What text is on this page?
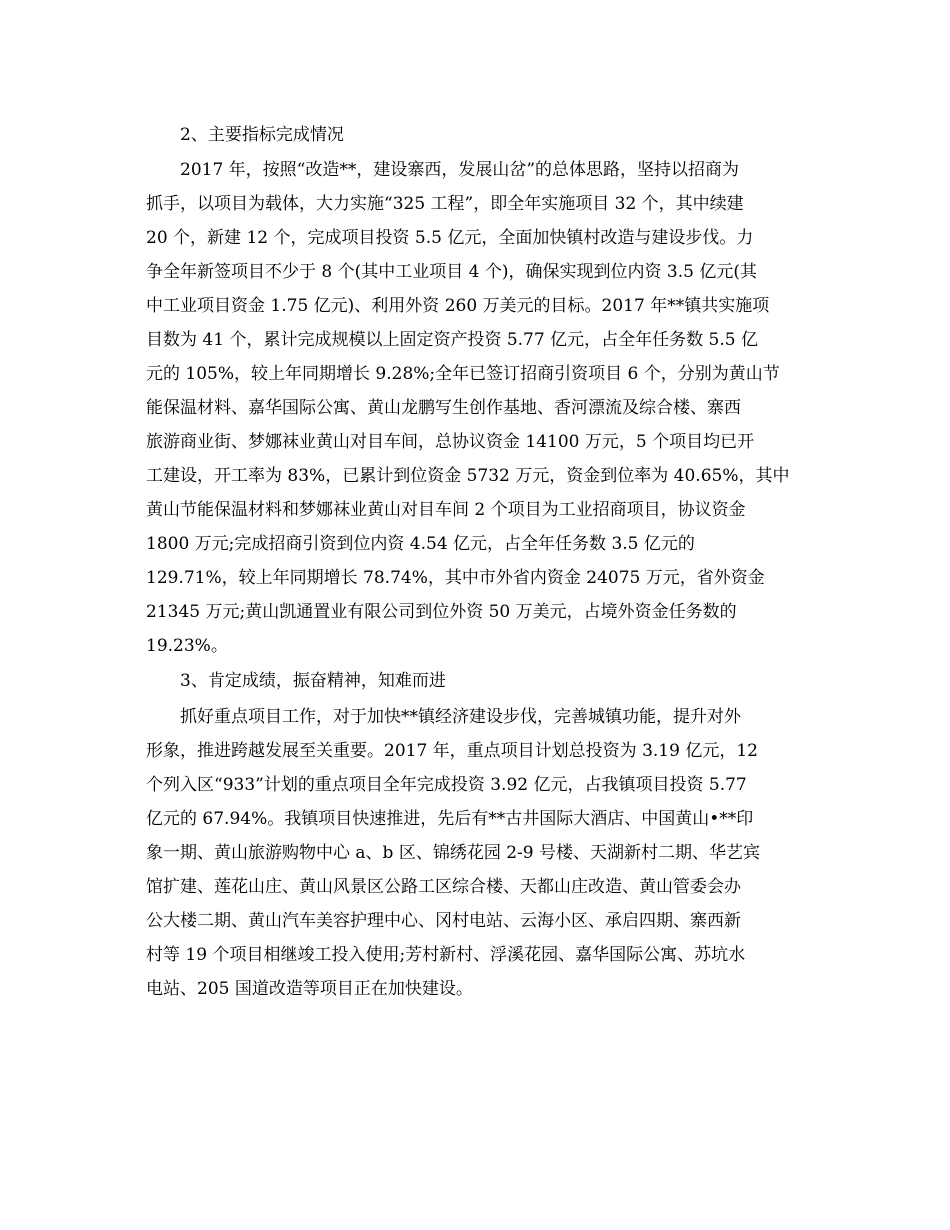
2、主要指标完成情况
2017 年，按照“改造**，建设寨西，发展山岔”的总体思路，坚持以招商为
抓手，以项目为载体，大力实施“325 工程”，即全年实施项目 32 个，其中续建
20 个，新建 12 个，完成项目投资 5.5 亿元，全面加快镇村改造与建设步伐。力
争全年新签项目不少于 8 个(其中工业项目 4 个)，确保实现到位内资 3.5 亿元(其
中工业项目资金 1.75 亿元)、利用外资 260 万美元的目标。2017 年**镇共实施项
目数为 41 个，累计完成规模以上固定资产投资 5.77 亿元，占全年任务数 5.5 亿
元的 105%，较上年同期增长 9.28%;全年已签订招商引资项目 6 个，分别为黄山节
能保温材料、嘉华国际公寓、黄山龙鹏写生创作基地、香河漂流及综合楼、寨西
旅游商业街、梦娜袜业黄山对目车间，总协议资金 14100 万元，5 个项目均已开
工建设，开工率为 83%，已累计到位资金 5732 万元，资金到位率为 40.65%，其中
黄山节能保温材料和梦娜袜业黄山对目车间 2 个项目为工业招商项目，协议资金
1800 万元;完成招商引资到位内资 4.54 亿元，占全年任务数 3.5 亿元的
129.71%，较上年同期增长 78.74%，其中市外省内资金 24075 万元，省外资金
21345 万元;黄山凯通置业有限公司到位外资 50 万美元，占境外资金任务数的
19.23%。
3、肯定成绩，振奋精神，知难而进
抓好重点项目工作，对于加快**镇经济建设步伐，完善城镇功能，提升对外
形象，推进跨越发展至关重要。2017 年，重点项目计划总投资为 3.19 亿元，12
个列入区“933”计划的重点项目全年完成投资 3.92 亿元，占我镇项目投资 5.77
亿元的 67.94%。我镇项目快速推进，先后有**古井国际大酒店、中国黄山•**印
象一期、黄山旅游购物中心 a、b 区、锦绣花园 2-9 号楼、天湖新村二期、华艺宾
馆扩建、莲花山庄、黄山风景区公路工区综合楼、天都山庄改造、黄山管委会办
公大楼二期、黄山汽车美容护理中心、冈村电站、云海小区、承启四期、寨西新
村等 19 个项目相继竣工投入使用;芳村新村、浮溪花园、嘉华国际公寓、苏坑水
电站、205 国道改造等项目正在加快建设。
